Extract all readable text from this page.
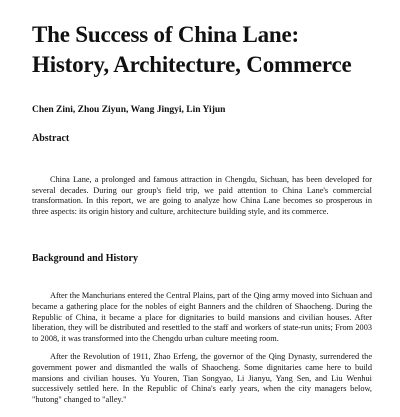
The Success of China Lane:
History, Architecture, Commerce

Chen Zini, Zhou Ziyun, Wang Jingyi, Lin Yijun

Abstract

China Lane, a prolonged and famous attraction in Chengdu, Sichuan, has been developed for several decades. During our group's field trip, we paid attention to China Lane's commercial transformation. In this report, we are going to analyze how China Lane becomes so prosperous in three aspects: its origin history and culture, architecture building style, and its commerce.

Background and History

After the Manchurians entered the Central Plains, part of the Qing army moved into Sichuan and became a gathering place for the nobles of eight Banners and the children of Shaocheng. During the Republic of China, it became a place for dignitaries to build mansions and civilian houses. After liberation, they will be distributed and resettled to the staff and workers of state-run units; From 2003 to 2008, it was transformed into the Chengdu urban culture meeting room.

After the Revolution of 1911, Zhao Erfeng, the governor of the Qing Dynasty, surrendered the government power and dismantled the walls of Shaocheng. Some dignitaries came here to build mansions and civilian houses. Yu Youren, Tian Songyao, Li Jianyu, Yang Sen, and Liu Wenhui successively settled here. In the Republic of China's early years, when the city managers below, "hutong" changed to "alley."
